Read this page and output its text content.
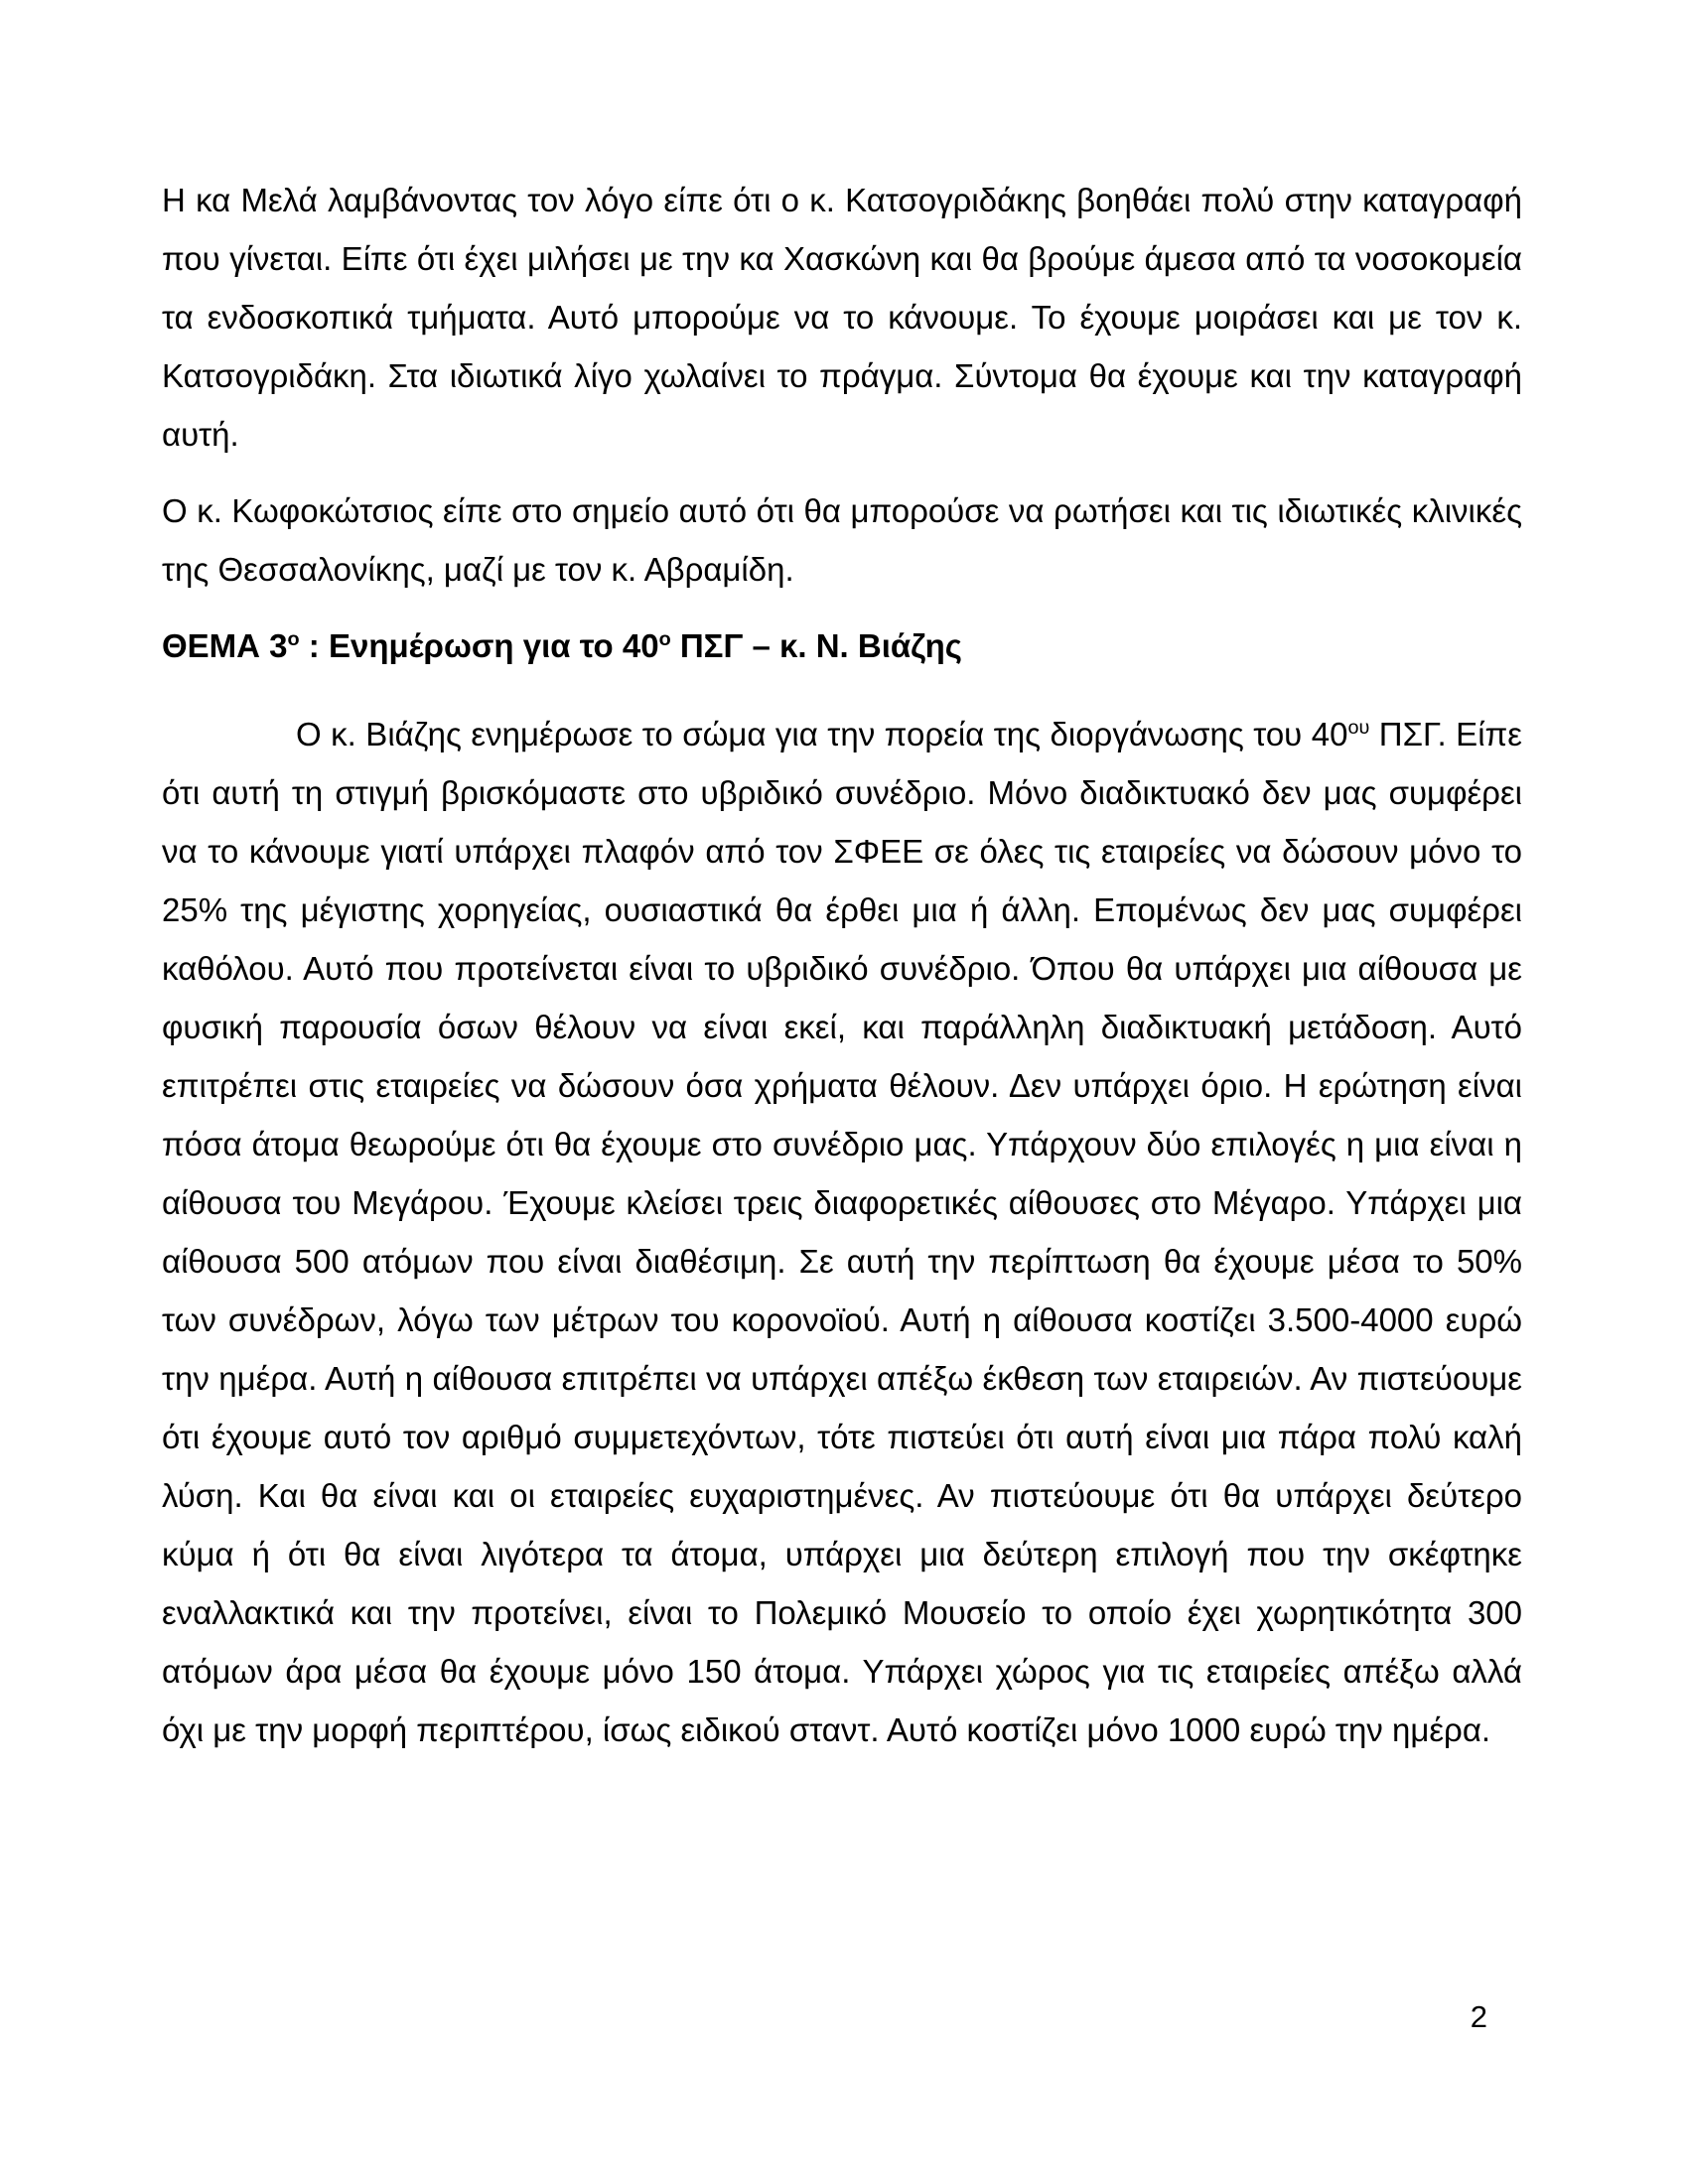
Η κα Μελά λαμβάνοντας τον λόγο είπε ότι ο κ. Κατσογριδάκης βοηθάει πολύ στην καταγραφή που γίνεται. Είπε ότι έχει μιλήσει με την κα Χασκώνη και θα βρούμε άμεσα από τα νοσοκομεία τα ενδοσκοπικά τμήματα. Αυτό μπορούμε να το κάνουμε. Το έχουμε μοιράσει και με τον κ. Κατσογριδάκη. Στα ιδιωτικά λίγο χωλαίνει το πράγμα. Σύντομα θα έχουμε και την καταγραφή αυτή.

Ο κ. Κωφοκώτσιος είπε στο σημείο αυτό ότι θα μπορούσε να ρωτήσει και τις ιδιωτικές κλινικές της Θεσσαλονίκης, μαζί με τον κ. Αβραμίδη.

ΘΕΜΑ $3^o$ : Ενημέρωση για το $40^o$ ΠΣΓ – κ. Ν. Βιάζης

Ο κ. Βιάζης ενημέρωσε το σώμα για την πορεία της διοργάνωσης του $40^{o\upsilon}$ ΠΣΓ. Είπε ότι αυτή τη στιγμή βρισκόμαστε στο υβριδικό συνέδριο. Μόνο διαδικτυακό δεν μας συμφέρει να το κάνουμε γιατί υπάρχει πλαφόν από τον ΣΦΕΕ σε όλες τις εταιρείες να δώσουν μόνο το 25% της μέγιστης χορηγείας, ουσιαστικά θα έρθει μια ή άλλη. Επομένως δεν μας συμφέρει καθόλου. Αυτό που προτείνεται είναι το υβριδικό συνέδριο. Όπου θα υπάρχει μια αίθουσα με φυσική παρουσία όσων θέλουν να είναι εκεί, και παράλληλη διαδικτυακή μετάδοση. Αυτό επιτρέπει στις εταιρείες να δώσουν όσα χρήματα θέλουν. Δεν υπάρχει όριο. Η ερώτηση είναι πόσα άτομα θεωρούμε ότι θα έχουμε στο συνέδριο μας. Υπάρχουν δύο επιλογές η μια είναι η αίθουσα του Μεγάρου. Έχουμε κλείσει τρεις διαφορετικές αίθουσες στο Μέγαρο. Υπάρχει μια αίθουσα 500 ατόμων που είναι διαθέσιμη. Σε αυτή την περίπτωση θα έχουμε μέσα το 50% των συνέδρων, λόγω των μέτρων του κορονοϊού. Αυτή η αίθουσα κοστίζει 3.500-4000 ευρώ την ημέρα. Αυτή η αίθουσα επιτρέπει να υπάρχει απέξω έκθεση των εταιρειών. Αν πιστεύουμε ότι έχουμε αυτό τον αριθμό συμμετεχόντων, τότε πιστεύει ότι αυτή είναι μια πάρα πολύ καλή λύση. Και θα είναι και οι εταιρείες ευχαριστημένες. Αν πιστεύουμε ότι θα υπάρχει δεύτερο κύμα ή ότι θα είναι λιγότερα τα άτομα, υπάρχει μια δεύτερη επιλογή που την σκέφτηκε εναλλακτικά και την προτείνει, είναι το Πολεμικό Μουσείο το οποίο έχει χωρητικότητα 300 ατόμων άρα μέσα θα έχουμε μόνο 150 άτομα. Υπάρχει χώρος για τις εταιρείες απέξω αλλά όχι με την μορφή περιπτέρου, ίσως ειδικού σταντ. Αυτό κοστίζει μόνο 1000 ευρώ την ημέρα.

2
